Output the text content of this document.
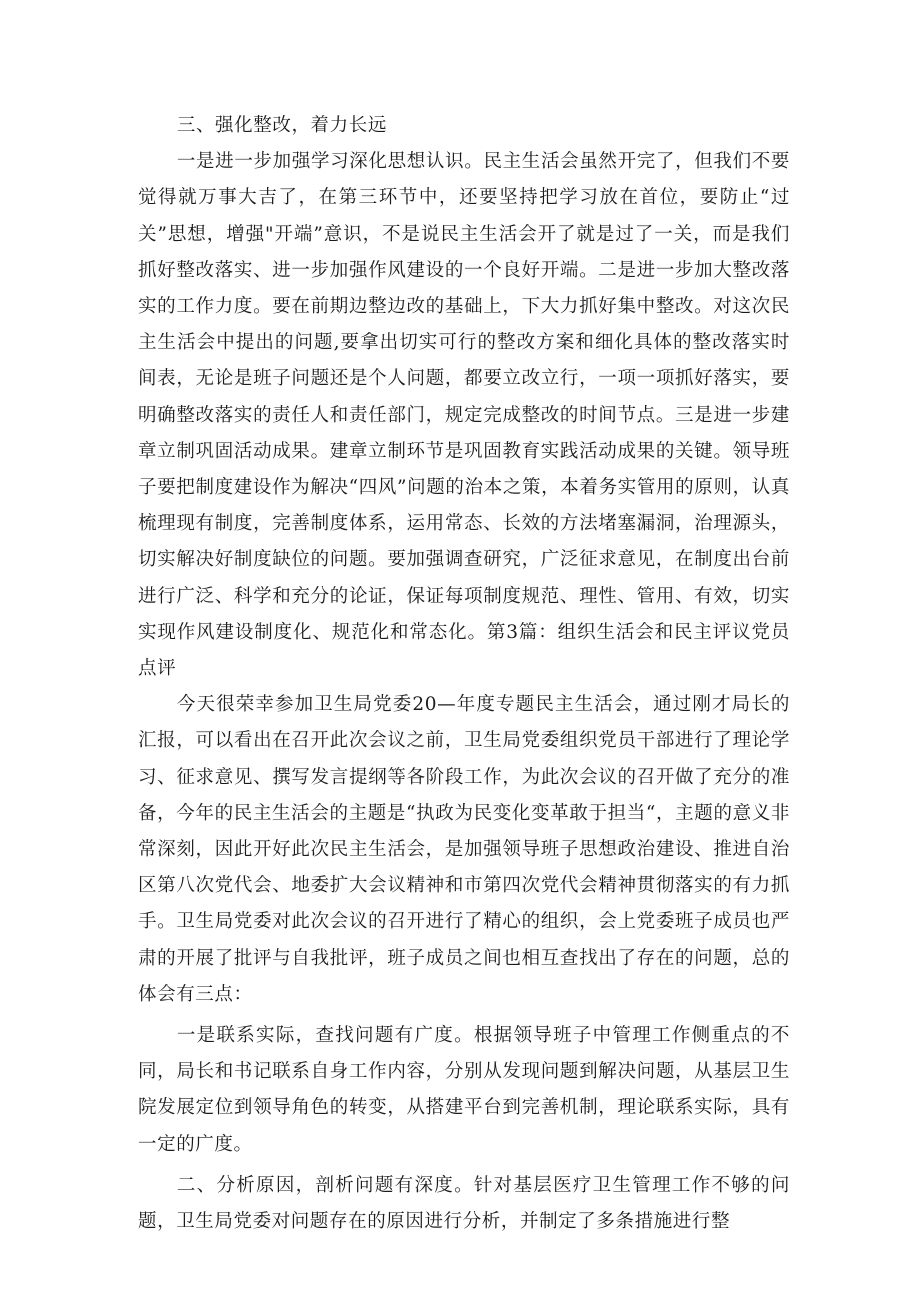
三、强化整改，着力长远

一是进一步加强学习深化思想认识。民主生活会虽然开完了，但我们不要觉得就万事大吉了，在第三环节中，还要坚持把学习放在首位，要防止“过关”思想，增强"开端”意识，不是说民主生活会开了就是过了一关，而是我们抓好整改落实、进一步加强作风建设的一个良好开端。二是进一步加大整改落实的工作力度。要在前期边整边改的基础上，下大力抓好集中整改。对这次民主生活会中提出的问题,要拿出切实可行的整改方案和细化具体的整改落实时间表，无论是班子问题还是个人问题，都要立改立行，一项一项抓好落实，要明确整改落实的责任人和责任部门，规定完成整改的时间节点。三是进一步建章立制巩固活动成果。建章立制环节是巩固教育实践活动成果的关键。领导班子要把制度建设作为解决“四风”问题的治本之策，本着务实管用的原则，认真梳理现有制度，完善制度体系，运用常态、长效的方法堵塞漏洞，治理源头，切实解决好制度缺位的问题。要加强调查研究，广泛征求意见，在制度出台前进行广泛、科学和充分的论证，保证每项制度规范、理性、管用、有效，切实实现作风建设制度化、规范化和常态化。第3篇：组织生活会和民主评议党员点评

今天很荣幸参加卫生局党委20—年度专题民主生活会，通过刚才局长的汇报，可以看出在召开此次会议之前，卫生局党委组织党员干部进行了理论学习、征求意见、撰写发言提纲等各阶段工作，为此次会议的召开做了充分的准备，今年的民主生活会的主题是“执政为民变化变革敢于担当“，主题的意义非常深刻，因此开好此次民主生活会，是加强领导班子思想政治建设、推进自治区第八次党代会、地委扩大会议精神和市第四次党代会精神贯彻落实的有力抓手。卫生局党委对此次会议的召开进行了精心的组织，会上党委班子成员也严肃的开展了批评与自我批评，班子成员之间也相互查找出了存在的问题，总的体会有三点：

一是联系实际，查找问题有广度。根据领导班子中管理工作侧重点的不同，局长和书记联系自身工作内容，分别从发现问题到解决问题，从基层卫生院发展定位到领导角色的转变，从搭建平台到完善机制，理论联系实际，具有一定的广度。

二、分析原因，剖析问题有深度。针对基层医疗卫生管理工作不够的问题，卫生局党委对问题存在的原因进行分析，并制定了多条措施进行整
